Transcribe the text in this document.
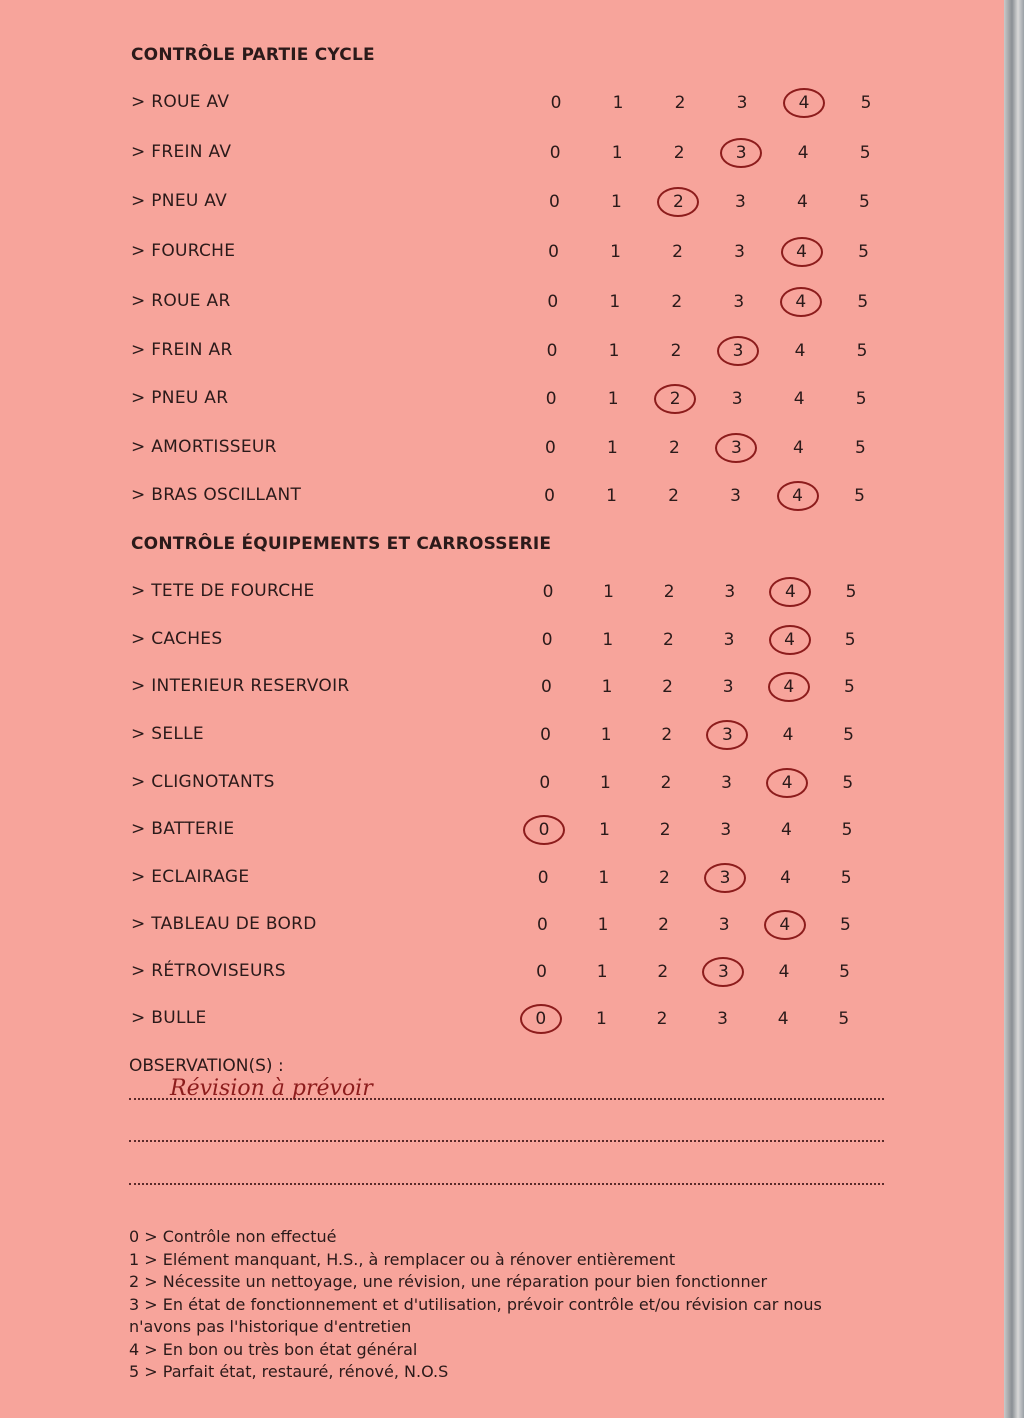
CONTRÔLE PARTIE CYCLE
> ROUE AV	0	1	2	3	4	5
> FREIN AV	0	1	2	3	4	5
> PNEU AV	0	1	2	3	4	5
> FOURCHE	0	1	2	3	4	5
> ROUE AR	0	1	2	3	4	5
> FREIN AR	0	1	2	3	4	5
> PNEU AR	0	1	2	3	4	5
> AMORTISSEUR	0	1	2	3	4	5
> BRAS OSCILLANT	0	1	2	3	4	5
CONTRÔLE ÉQUIPEMENTS ET CARROSSERIE
> TETE DE FOURCHE	0	1	2	3	4	5
> CACHES	0	1	2	3	4	5
> INTERIEUR RESERVOIR	0	1	2	3	4	5
> SELLE	0	1	2	3	4	5
> CLIGNOTANTS	0	1	2	3	4	5
> BATTERIE	0	1	2	3	4	5
> ECLAIRAGE	0	1	2	3	4	5
> TABLEAU DE BORD	0	1	2	3	4	5
> RÉTROVISEURS	0	1	2	3	4	5
> BULLE	0	1	2	3	4	5
OBSERVATION(S) :
Révision à prévoir
0 > Contrôle non effectué
1 > Elément manquant, H.S., à remplacer ou à rénover entièrement
2 > Nécessite un nettoyage, une révision, une réparation pour bien fonctionner
3 > En état de fonctionnement et d'utilisation, prévoir contrôle et/ou révision car nous
n'avons pas l'historique d'entretien
4 > En bon ou très bon état général
5 > Parfait état, restauré, rénové, N.O.S
